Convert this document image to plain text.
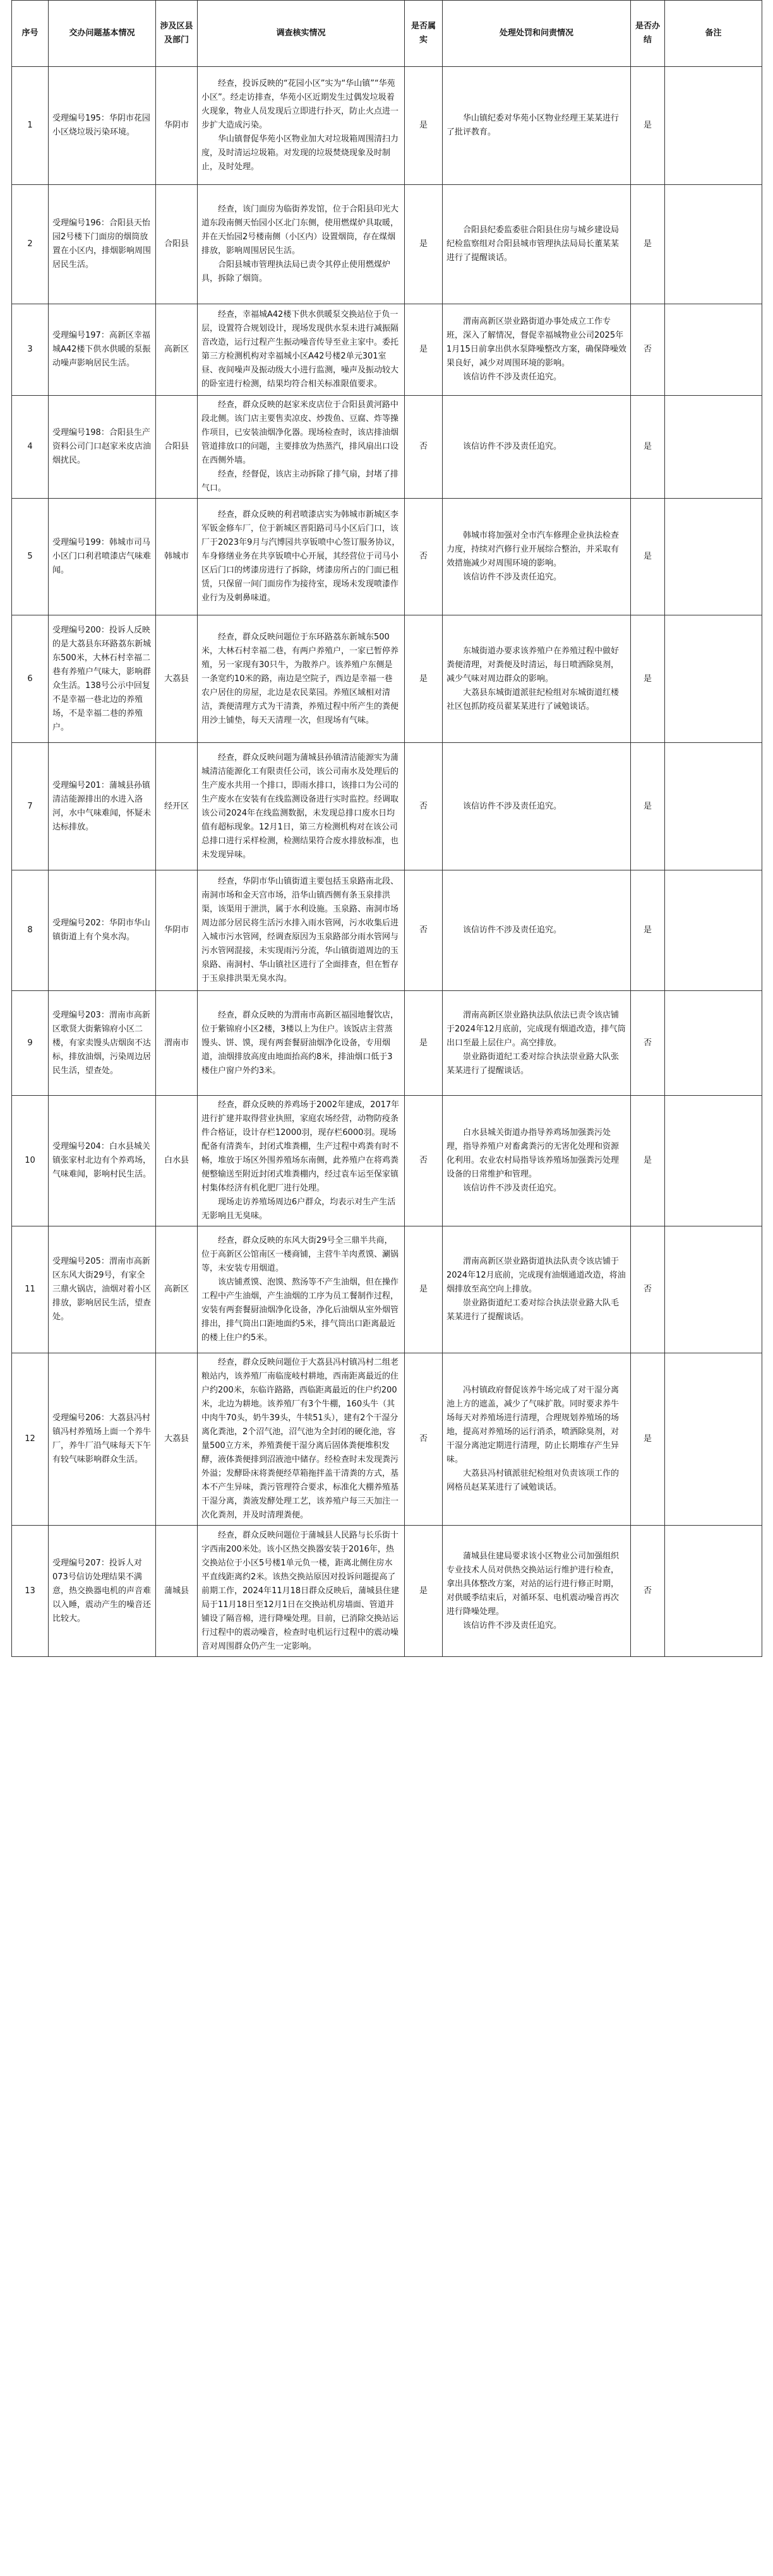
序号	交办问题基本情况	涉及区县及部门	调查核实情况	是否属实	处理处罚和问责情况	是否办结	备注
1	受理编号195：华阴市花园小区烧垃圾污染环境。	华阴市	　　经查，投诉反映的“花园小区”实为“华山镇”“华苑小区”。经走访排查，华苑小区近期发生过偶发垃圾着火现象，物业人员发现后立即进行扑灭，防止火点进一步扩大造成污染。
　　华山镇督促华苑小区物业加大对垃圾箱周围清扫力度，及时清运垃圾箱。对发现的垃圾焚烧现象及时制止，及时处理。	是	　　华山镇纪委对华苑小区物业经理王某某进行了批评教育。	是	
2	受理编号196：合阳县天怡园2号楼下门面房的烟筒放置在小区内，排烟影响周围居民生活。	合阳县	　　经查，该门面房为临街养发馆，位于合阳县印光大道东段南侧天怡园小区北门东侧，使用燃煤炉具取暖，并在天怡园2号楼南侧（小区内）设置烟筒，存在煤烟排放，影响周围居民生活。
　　合阳县城市管理执法局已责令其停止使用燃煤炉具，拆除了烟筒。	是	　　合阳县纪委监委驻合阳县住房与城乡建设局纪检监察组对合阳县城市管理执法局局长董某某进行了提醒谈话。	是	
3	受理编号197：高新区幸福城A42楼下供水供暖的泵振动噪声影响居民生活。	高新区	　　经查，幸福城A42楼下供水供暖泵交换站位于负一层，设置符合规划设计，现场发现供水泵未进行减振隔音改造，运行过程产生振动噪音传导至业主家中。委托第三方检测机构对幸福城小区A42号楼2单元301室昼、夜间噪声及振动级大小进行监测，噪声及振动较大的卧室进行检测，结果均符合相关标准限值要求。	是	　　渭南高新区崇业路街道办事处成立工作专班，深入了解情况，督促幸福城物业公司2025年1月15日前拿出供水泵降噪整改方案，确保降噪效果良好，减少对周围环境的影响。
　　该信访件不涉及责任追究。	否	
4	受理编号198：合阳县生产资料公司门口赵家米皮店油烟扰民。	合阳县	　　经查，群众反映的赵家米皮店位于合阳县黄河路中段北侧。该门店主要售卖凉皮、炒拨鱼、豆腐、炸等操作项目，已安装油烟净化器。现场检查时，该店排油烟管道排放口的问题，主要排放为热蒸汽，排风扇出口设在西侧外墙。
　　经查，经督促，该店主动拆除了排气扇，封堵了排气口。	否	　　该信访件不涉及责任追究。	是	
5	受理编号199：韩城市司马小区门口利君喷漆店气味难闻。	韩城市	　　经查，群众反映的利君喷漆店实为韩城市新城区李军钣金修车厂，位于新城区晋阳路司马小区后门口，该厂于2023年9月与汽博园共享钣喷中心签订服务协议，车身修缮业务在共享钣喷中心开展，其经营位于司马小区后门口的烤漆房进行了拆除，烤漆房所占的门面已租赁，只保留一间门面房作为接待室，现场未发现喷漆作业行为及刺鼻味道。	否	　　韩城市将加强对全市汽车修理企业执法检查力度，持续对汽修行业开展综合整治，并采取有效措施减少对周围环境的影响。
　　该信访件不涉及责任追究。	是	
6	受理编号200：投诉人反映的是大荔县东环路荔东新城东500米，大林石村幸福二巷有养殖户气味大，影响群众生活。138号公示中回复不是幸福一巷北边的养殖场，不是幸福二巷的养殖户。	大荔县	　　经查，群众反映问题位于东环路荔东新城东500米，大林石村幸福二巷，有两户养殖户，一家已暂停养殖，另一家现有30只牛，为散养户。该养殖户东侧是一条宽约10米的路，南边是空院子，西边是幸福一巷农户居住的房屋，北边是农民菜园。养殖区域相对清洁，粪便清理方式为干清粪，养殖过程中所产生的粪便用沙土铺垫，每天天清理一次，但现场有气味。	是	　　东城街道办要求该养殖户在养殖过程中做好粪便清理，对粪便及时清运，每日喷洒除臭剂，减少气味对周边群众的影响。
　　大荔县东城街道派驻纪检组对东城街道红楼社区包抓防疫员翟某某进行了诫勉谈话。	是	
7	受理编号201：蒲城县孙镇清洁能源排出的水进入洛河，水中气味难闻，怀疑未达标排放。	经开区	　　经查，群众反映问题为蒲城县孙镇清洁能源实为蒲城清洁能源化工有限责任公司，该公司南水及处理后的生产废水共用一个排口，即雨水排口，该排口为公司的生产废水在安装有在线监测设备进行实时监控。经调取该公司2024年在线监测数据，未发现总排口废水日均值有超标现象。12月1日，第三方检测机构对在该公司总排口进行采样检测，检测结果符合废水排放标准，也未发现异味。	否	　　该信访件不涉及责任追究。	是	
8	受理编号202：华阴市华山镇街道上有个臭水沟。	华阴市	　　经查，华阴市华山镇街道主要包括玉泉路南北段、南洞市场和金天宫市场，沿华山镇西侧有条玉泉排洪渠，该渠用于泄洪，属于水利设施。玉泉路、南洞市场周边部分居民将生活污水排入雨水管网，污水收集后进入城市污水管网，经调查原因为玉泉路部分雨水管网与污水管网混接，未实现雨污分流，华山镇街道周边的玉泉路、南洞村、华山镇社区进行了全面排查，但在暂存于玉泉排洪渠无臭水沟。	否	　　该信访件不涉及责任追究。	是	
9	受理编号203：渭南市高新区歌贤大街紫锦府小区二楼，有家卖馒头店烟囱不达标，排放油烟，污染周边居民生活，望查处。	渭南市	　　经查，群众反映的为渭南市高新区福园地餐饮店，位于紫锦府小区2楼，3楼以上为住户。该饭店主营蒸馒头、饼、馍，现有两套餐厨油烟净化设备，专用烟道，油烟排放高度由地面抬高约8米，排油烟口低于3楼住户窗户外约3米。	是	　　渭南高新区崇业路执法队依法已责令该店铺于2024年12月底前，完成现有烟道改造，排气筒出口至最上层住户。高空排放。
　　崇业路街道纪工委对综合执法崇业路大队张某某进行了提醒谈话。	否	
10	受理编号204：白水县城关镇张家村北边有个养鸡场，气味难闻，影响村民生活。	白水县	　　经查，群众反映的养鸡场于2002年建成，2017年进行扩建并取得营业执照，家庭农场经营，动物防疫条件合格证，设计存栏12000羽，现存栏6000羽。现场配备有清粪车，封闭式堆粪棚，生产过程中鸡粪有时不畅，堆放于场区外围养殖场东南侧，此养殖户在将鸡粪便整输送至附近封闭式堆粪棚内，经过袁车运至保家镇村集体经济有机化肥厂进行处理。
　　现场走访养殖场周边6户群众，均表示对生产生活无影响且无臭味。	否	　　白水县城关街道办指导养鸡场加强粪污处理，指导养殖户对畜禽粪污的无害化处理和资源化利用。农业农村局指导该养殖场加强粪污处理设备的日常维护和管理。
　　该信访件不涉及责任追究。	是	
11	受理编号205：渭南市高新区东风大街29号，有家全三鼎火锅店，油烟对着小区排放，影响居民生活，望查处。	高新区	　　经查，群众反映的东风大街29号全三鼎半共商，位于高新区公馆南区一楼商铺，主营牛羊肉煮馍、涮锅等，未安装专用烟道。
　　该店铺煮馍、泡馍、熬汤等不产生油烟，但在操作工程中产生油烟，产生油烟的工序为员工餐制作过程，安装有两套餐厨油烟净化设备，净化后油烟从室外烟管排出，排气筒出口距地面约5米，排气筒出口距离最近的楼上住户约5米。	是	　　渭南高新区崇业路街道执法队责令该店铺于2024年12月底前，完成现有油烟通道改造，将油烟排放至高空向上排放。
　　崇业路街道纪工委对综合执法崇业路大队毛某某进行了提醒谈话。	否	
12	受理编号206：大荔县冯村镇冯村养殖场上面一个养牛厂，养牛厂沿气味每天下午有较气味影响群众生活。	大荔县	　　经查，群众反映问题位于大荔县冯村镇冯村二组老粮站内，该养殖厂南临庞岐村耕地，西南距离最近的住户约200米，东临许路路，西临距离最近的住户约200米，北边为耕地。该养殖厂有3个牛棚，160头牛（其中肉牛70头，奶牛39头，牛犊51头），建有2个干湿分离化粪池，2个沼气池，沼气池为全封闭的硬化池，容量500立方米，养殖粪便干湿分离后固体粪便堆积发酵，液体粪便排到沼液池中储存。经检查时未发现粪污外溢；发酵卧床将粪便经草箱拖拌盖干清粪的方式，基本不产生异味，粪污管理符合要求，标准化大棚养殖基干湿分离，粪液发酵处理工艺，该养殖户每三天加注一次化粪剂，并及时清理粪便。	否	　　冯村镇政府督促该养牛场完成了对干湿分离池上方的遮盖，减少了气味扩散。同时要求养牛场每天对养殖场进行清理，合理规划养殖场的场地，提高对养殖场的运行消杀，喷洒除臭剂，对干湿分离池定期进行清理，防止长期堆存产生异味。
　　大荔县冯村镇派驻纪检组对负责该项工作的网格员赵某某进行了诫勉谈话。	是	
13	受理编号207：投诉人对073号信访处理结果不满意，热交换器电机的声音难以入睡，震动产生的噪音还比较大。	蒲城县	　　经查，群众反映问题位于蒲城县人民路与长乐街十字西南200米处。该小区热交换器安装于2016年，热交换站位于小区5号楼1单元负一楼，距离北侧住房水平直线距离约2米。该热交换站原因对投诉问题提高了前期工作，2024年11月18日群众反映后，蒲城县住建局于11月18日至12月1日在交换站机房墙面、管道并铺设了隔音棉，进行降噪处理。目前，已消除交换站运行过程中的震动噪音，检查时电机运行过程中的震动噪音对周围群众仍产生一定影响。	是	　　蒲城县住建局要求该小区物业公司加强组织专业技术人员对供热交换站运行维护进行检查，拿出具体整改方案，对站的运行进行修正时期，对供暖季结束后，对循环泵、电机震动噪音再次进行降噪处理。
　　该信访件不涉及责任追究。	否	
